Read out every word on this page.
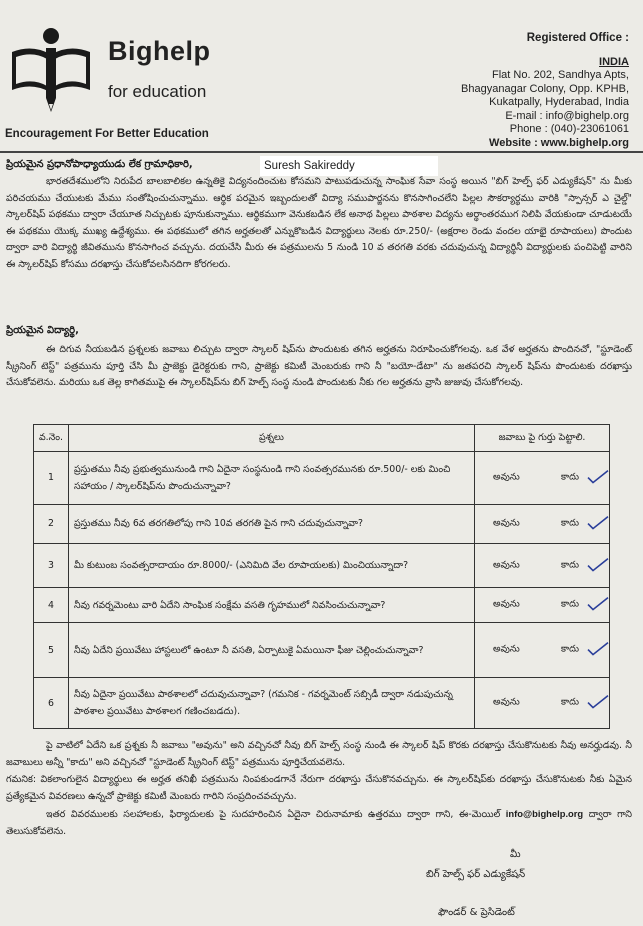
Bighelp
for education
Encouragement For Better Education
Registered Office :
INDIA
Flat No. 202, Sandhya Apts,
Bhagyanagar Colony, Opp. KPHB,
Kukatpally, Hyderabad, India
E-mail : info@bighelp.org
Phone : (040)-23061061
Website : www.bighelp.org
ప్రియమైన ప్రధానోపాధ్యాయుడు లేక గ్రామాధికారి,	Suresh Sakireddy
భారతదేశములోని నిరుపేద బాలబాలికల ఉన్నతికై విద్యనందించుట కోసమని పాటుపడుచున్న సాంఘిక సేవా సంస్థ అయిన "బిగ్ హెల్ప్ ఫర్ ఎడ్యుకేషన్" ను మీకు పరిచయము చేయుటకు మేము సంతోషించుచున్నాము. ఆర్థిక పరమైన ఇబ్బందులతో విద్యా సముపార్జనను కొనసాగించలేని పిల్లల సౌకర్యార్థము వారికి "స్పాన్సర్ ఎ చైల్డ్" స్కాలర్‌షిప్ పథకము ద్వారా చేయూత నిచ్చుటకు పూనుకున్నాము. ఆర్థికముగా వెనుకబడిన లేక అనాథ పిల్లలు పాఠశాల విద్యను అర్థాంతరముగ నిలిపి వేయకుండా చూడుటయే ఈ పథకము యొక్క ముఖ్య ఉద్దేశ్యము. ఈ పథకములో తగిన అర్హతలతో ఎన్నుకొబడిన విద్యార్థులు నెలకు రూ.250/- (అక్షరాల రెండు వందల యాభై రూపాయలు) పొందుట ద్వారా వారి విద్యార్థి జీవితమును కొనసాగించ వచ్చును. దయచేసి మీరు ఈ పత్రములను 5 నుండి 10 వ తరగతి వరకు చదువుచున్న విద్యార్థినీ విద్యార్థులకు పంచిపెట్టి వారిని ఈ స్కాలర్‌షిప్ కోసము దరఖాస్తు చేసుకోవలసినదిగా కోరగలరు.
ప్రియమైన విద్యార్థి,
ఈ దిగువ నీయబడిన ప్రశ్నలకు జవాబు లిచ్చుట ద్వారా స్కాలర్ షిప్‌ను పొందుటకు తగిన అర్హతను నిరూపించుకోగలవు. ఒక వేళ అర్హతను పొందినచో, "స్టూడెంట్ స్క్రీనింగ్ టెస్ట్" పత్రమును పూర్తి చేసి మీ ప్రాజెక్టు డైరెక్టరుకు గాని, ప్రాజెక్టు కమిటీ మెంబరుకు గాని నీ "బయో-డేటా" ను జతపరచి స్కాలర్ షిప్‌ను పొందుటకు దరఖాస్తు చేసుకోవలెను. మరియు ఒక తెల్ల కాగితముపై ఈ స్కాలర్‌షిప్‌ను బిగ్ హెల్ప్ సంస్థ నుండి పొందుటకు నీకు గల అర్హతను వ్రాసి జుజువు చేసుకోగలవు.
వ.నెం.	ప్రశ్నలు	జవాబు పై గుర్తు పెట్టాలి.
1	ప్రస్తుతము నీవు ప్రభుత్వమునుండి గాని ఏదైనా సంస్థనుండి గాని సంవత్సరమునకు రూ.500/- లకు మించి సహాయం / స్కాలర్‌షిప్‌ను పొందుచున్నావా?	అవును కాదు

2	ప్రస్తుతము నీవు 6వ తరగతిలోపు గాని 10వ తరగతి పైన గాని చదువుచున్నావా?	అవును కాదు

3	మీ కుటుంబ సంవత్సరాదాయం రూ.8000/- (ఎనిమిది వేల రూపాయలకు) మించియున్నాదా?	అవును కాదు

4	నీవు గవర్నమెంటు వారి ఏదేని సాంఘిక సంక్షేమ వసతి గృహములో నివసించుచున్నావా?	అవును కాదు

5	నీవు ఏదేని ప్రయివేటు హాస్టలులో ఉంటూ నీ వసతి, ఏర్పాటుకై ఏమయినా ఫీజు చెల్లించుచున్నావా?	అవును కాదు

6	నీవు ఏదైనా ప్రయివేటు పాఠశాలలో చదువుచున్నావా? (గమనిక - గవర్నమెంట్ సబ్సిడీ ద్వారా నడుపుచున్న పాఠశాల ప్రయివేటు పాఠశాలగ గణించబడదు).	అవును కాదు
పై వాటిలో ఏదేని ఒక ప్రశ్నకు నీ జవాబు "అవును" అని వచ్చినచో నీవు బిగ్ హెల్ప్ సంస్థ నుండి ఈ స్కాలర్ షిప్ కొరకు దరఖాస్తు చేసుకొనుటకు నీవు అనర్హుడవు. నీ జవాబులు అన్నీ "కాదు" అని వచ్చినచో "స్టూడెంట్ స్క్రీనింగ్ టెస్ట్" పత్రమును పూర్తిచేయవలెను.
గమనిక: వికలాంగులైన విద్యార్థులు ఈ అర్హత తనిఖీ పత్రమును నింపకుండగానే నేరుగా దరఖాస్తు చేసుకొనవచ్చును. ఈ స్కాలర్‌షిప్‌కు దరఖాస్తు చేసుకొనుటకు నీకు ఏమైన ప్రత్యేకమైన వివరణలు ఉన్నచో ప్రాజెక్టు కమిటీ మెంబరు గారిని సంప్రదించవచ్చును.
ఇతర వివరములకు సలహాలకు, ఫిర్యాదులకు పై సుదహరించిన ఏదైనా చిరునామాకు ఉత్తరము ద్వారా గాని, ఈ-మెయిల్ info@bighelp.org ద్వారా గాని తెలుసుకోవలెను.
మీ
బిగ్ హెల్ప్ ఫర్ ఎడ్యుకేషన్
ఫౌండర్ & ప్రెసిడెంట్
